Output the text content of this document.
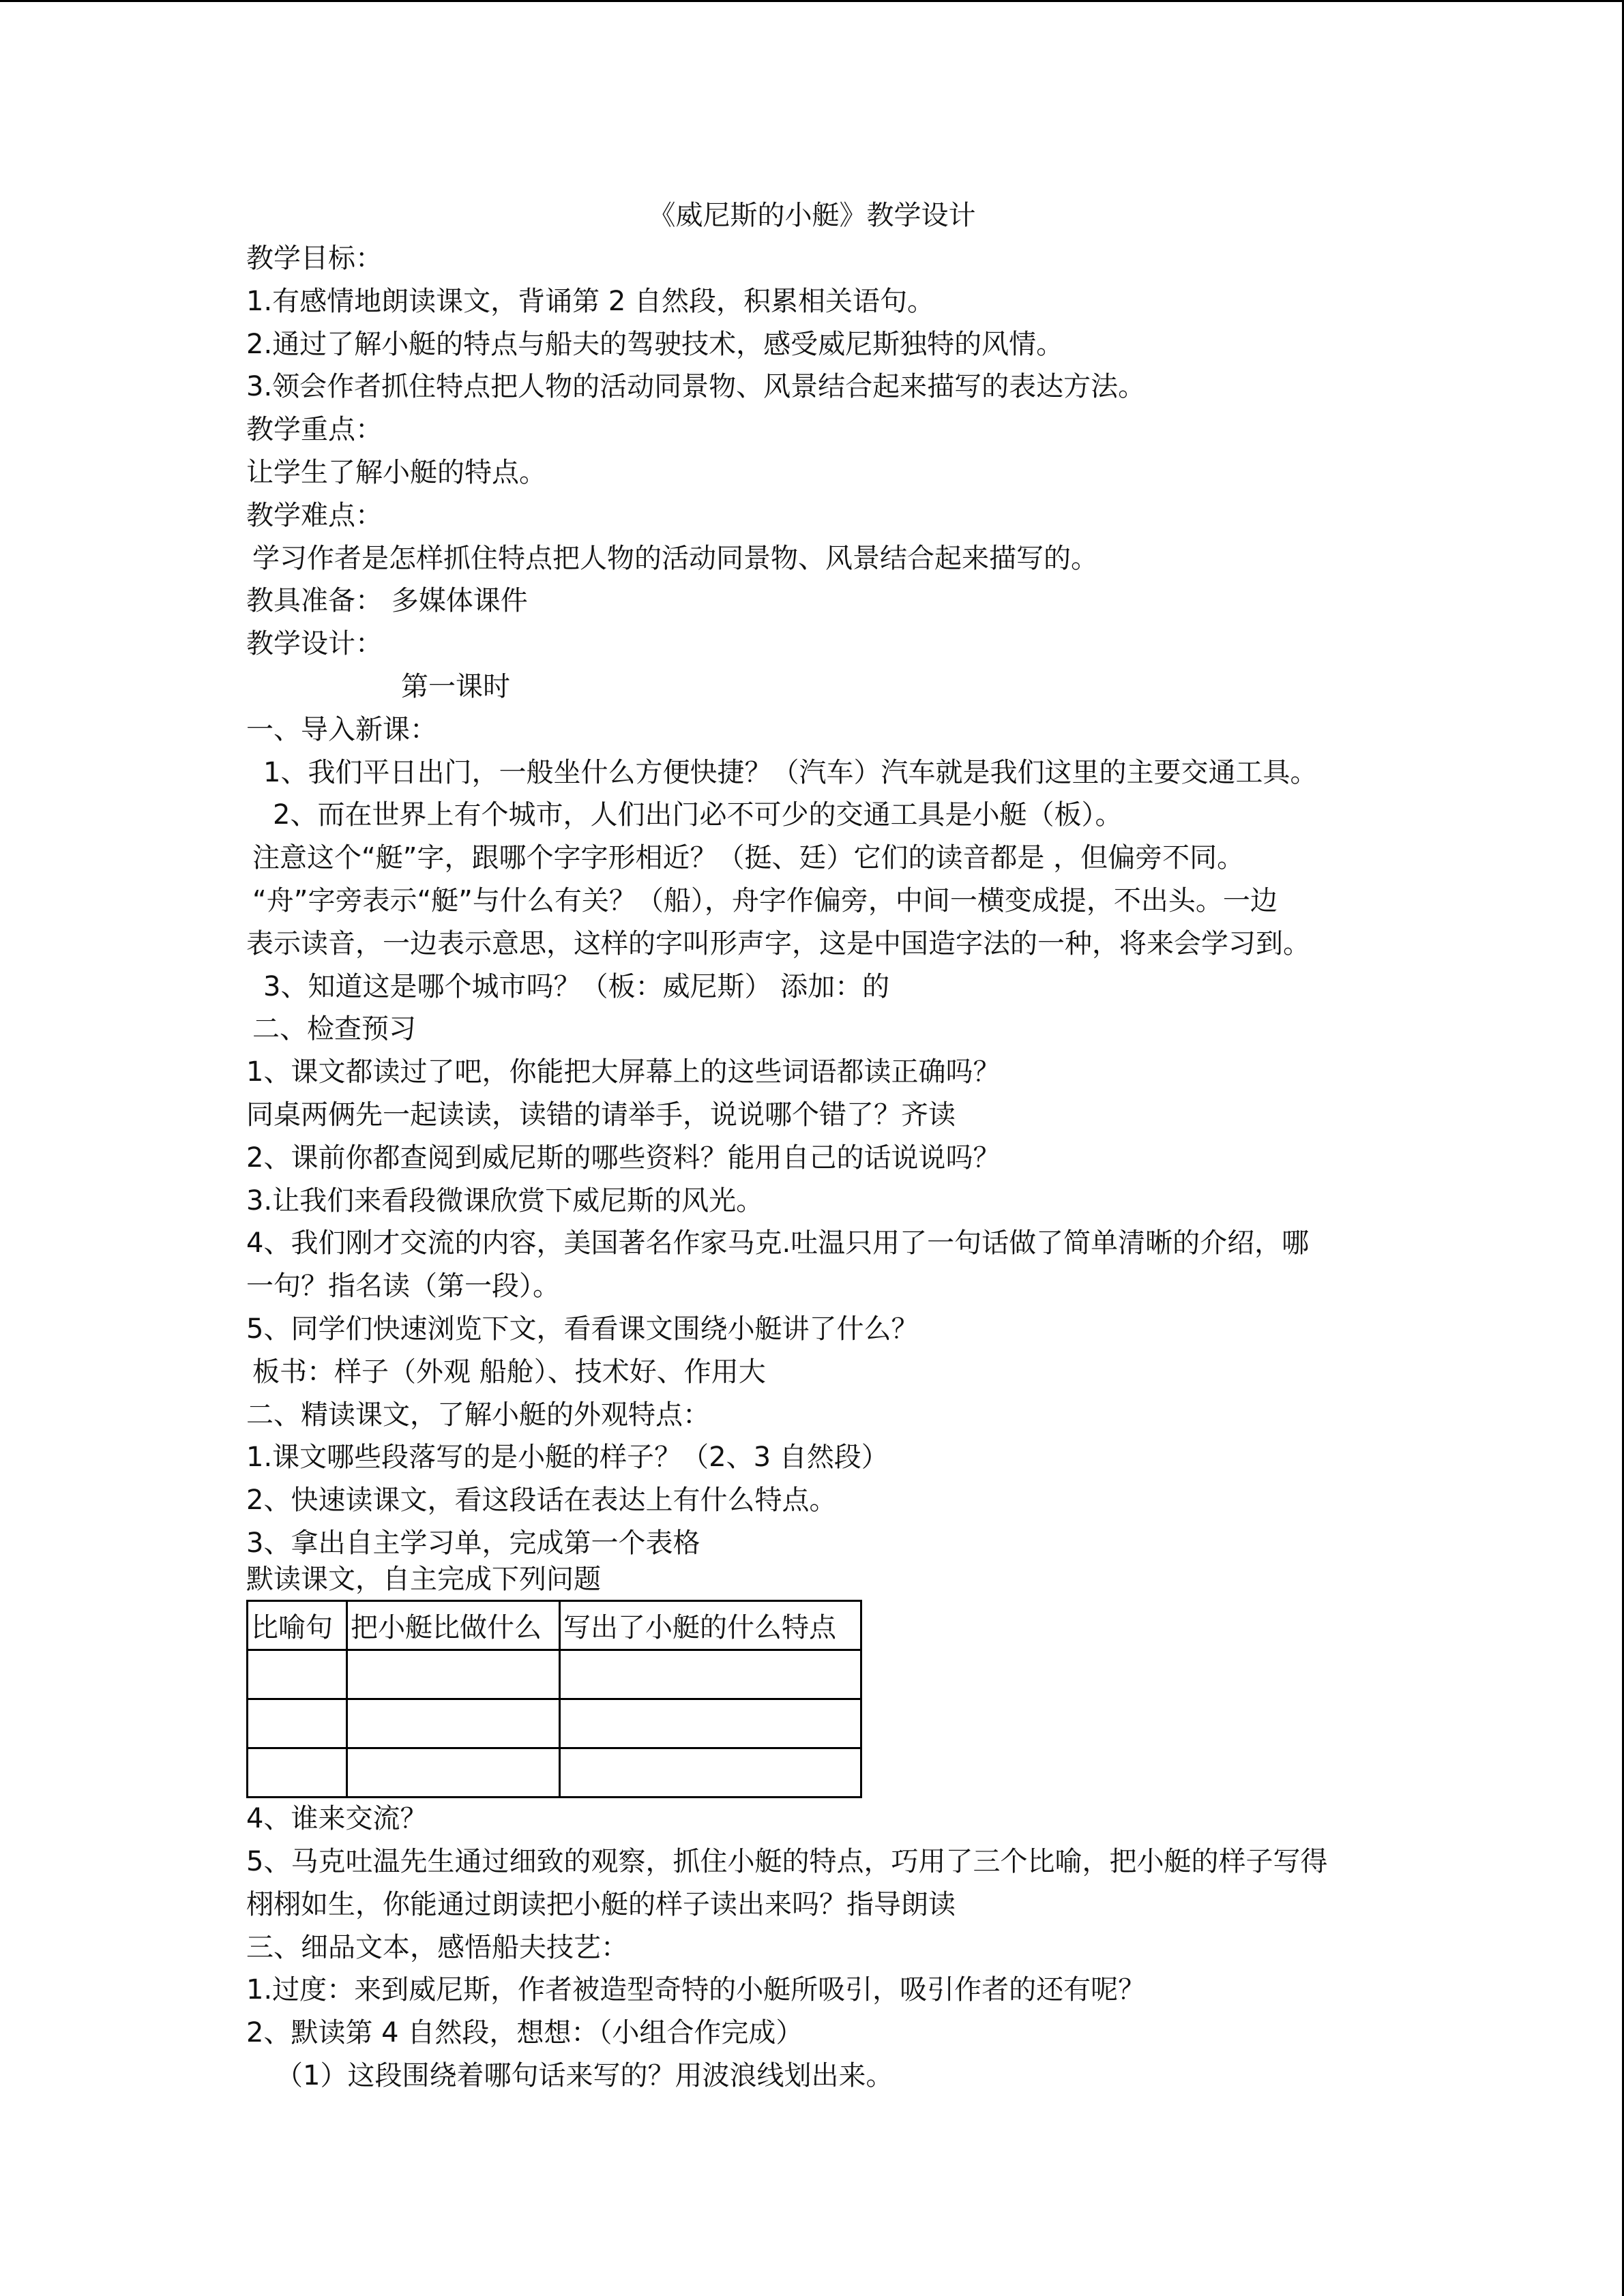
《威尼斯的小艇》教学设计

教学目标：

1.有感情地朗读课文，背诵第 2 自然段，积累相关语句。

2.通过了解小艇的特点与船夫的驾驶技术，感受威尼斯独特的风情。

3.领会作者抓住特点把人物的活动同景物、风景结合起来描写的表达方法。

教学重点：

让学生了解小艇的特点。

教学难点：

学习作者是怎样抓住特点把人物的活动同景物、风景结合起来描写的。

教具准备： 多媒体课件

教学设计：

第一课时

一、导入新课：

1、我们平日出门，一般坐什么方便快捷？（汽车）汽车就是我们这里的主要交通工具。

2、而在世界上有个城市，人们出门必不可少的交通工具是小艇（板）。

注意这个“艇”字，跟哪个字字形相近？（挺、廷）它们的读音都是 ，但偏旁不同。

“舟”字旁表示“艇”与什么有关？（船），舟字作偏旁，中间一横变成提，不出头。一边

表示读音，一边表示意思，这样的字叫形声字，这是中国造字法的一种，将来会学习到。

3、知道这是哪个城市吗？（板：威尼斯） 添加：的

二、检查预习

1、课文都读过了吧，你能把大屏幕上的这些词语都读正确吗？

同桌两俩先一起读读，读错的请举手，说说哪个错了？齐读

2、课前你都查阅到威尼斯的哪些资料？能用自己的话说说吗？

3.让我们来看段微课欣赏下威尼斯的风光。

4、我们刚才交流的内容，美国著名作家马克.吐温只用了一句话做了简单清晰的介绍，哪

一句？指名读（第一段）。

5、同学们快速浏览下文，看看课文围绕小艇讲了什么？

板书：样子（外观 船舱）、技术好、作用大

二、精读课文，了解小艇的外观特点：

1.课文哪些段落写的是小艇的样子？（2、3 自然段）

2、快速读课文，看这段话在表达上有什么特点。

3、拿出自主学习单，完成第一个表格

默读课文，自主完成下列问题

比喻句	把小艇比做什么	写出了小艇的什么特点

4、谁来交流？

5、马克吐温先生通过细致的观察，抓住小艇的特点，巧用了三个比喻，把小艇的样子写得

栩栩如生，你能通过朗读把小艇的样子读出来吗？指导朗读

三、细品文本，感悟船夫技艺：

1.过度：来到威尼斯，作者被造型奇特的小艇所吸引，吸引作者的还有呢？

2、默读第 4 自然段，想想：（小组合作完成）

（1）这段围绕着哪句话来写的？用波浪线划出来。
